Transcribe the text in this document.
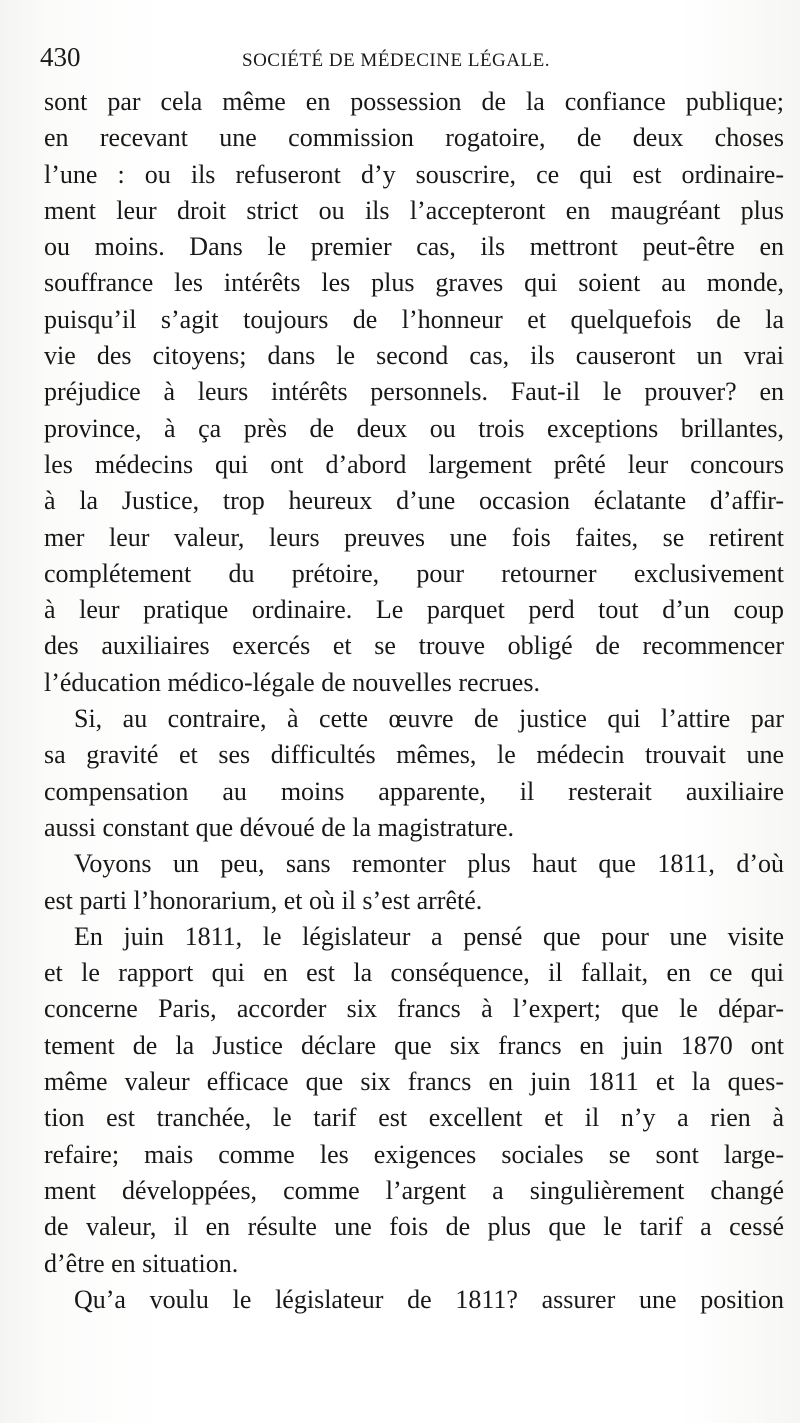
430	SOCIÉTÉ DE MÉDECINE LÉGALE.
sont par cela même en possession de la confiance publique;
en recevant une commission rogatoire, de deux choses
l’une : ou ils refuseront d’y souscrire, ce qui est ordinaire-
ment leur droit strict ou ils l’accepteront en maugréant plus
ou moins. Dans le premier cas, ils mettront peut-être en
souffrance les intérêts les plus graves qui soient au monde,
puisqu’il s’agit toujours de l’honneur et quelquefois de la
vie des citoyens; dans le second cas, ils causeront un vrai
préjudice à leurs intérêts personnels. Faut-il le prouver? en
province, à ça près de deux ou trois exceptions brillantes,
les médecins qui ont d’abord largement prêté leur concours
à la Justice, trop heureux d’une occasion éclatante d’affir-
mer leur valeur, leurs preuves une fois faites, se retirent
complétement du prétoire, pour retourner exclusivement
à leur pratique ordinaire. Le parquet perd tout d’un coup
des auxiliaires exercés et se trouve obligé de recommencer
l’éducation médico-légale de nouvelles recrues.
Si, au contraire, à cette œuvre de justice qui l’attire par
sa gravité et ses difficultés mêmes, le médecin trouvait une
compensation au moins apparente, il resterait auxiliaire
aussi constant que dévoué de la magistrature.
Voyons un peu, sans remonter plus haut que 1811, d’où
est parti l’honorarium, et où il s’est arrêté.
En juin 1811, le législateur a pensé que pour une visite
et le rapport qui en est la conséquence, il fallait, en ce qui
concerne Paris, accorder six francs à l’expert; que le dépar-
tement de la Justice déclare que six francs en juin 1870 ont
même valeur efficace que six francs en juin 1811 et la ques-
tion est tranchée, le tarif est excellent et il n’y a rien à
refaire; mais comme les exigences sociales se sont large-
ment développées, comme l’argent a singulièrement changé
de valeur, il en résulte une fois de plus que le tarif a cessé
d’être en situation.
Qu’a voulu le législateur de 1811? assurer une position
